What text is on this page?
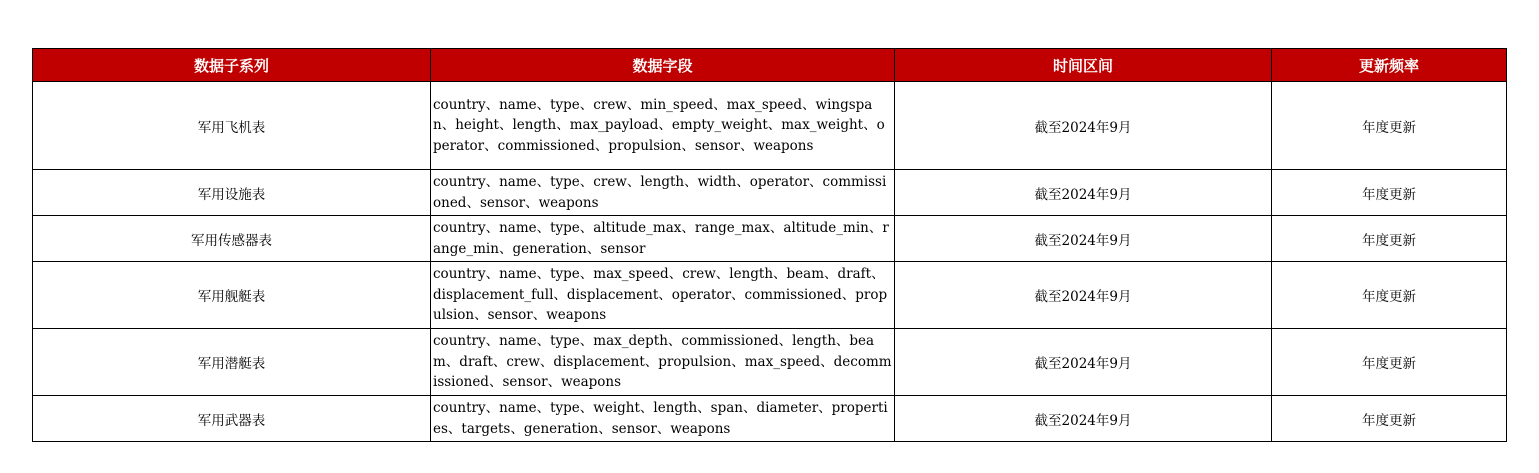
数据子系列	数据字段	时间区间	更新频率
军用飞机表	country、name、type、crew、min_speed、max_speed、wingspan、height、length、max_payload、empty_weight、max_weight、operator、commissioned、propulsion、sensor、weapons	截至2024年9月	年度更新
军用设施表	country、name、type、crew、length、width、operator、commissioned、sensor、weapons	截至2024年9月	年度更新
军用传感器表	country、name、type、altitude_max、range_max、altitude_min、range_min、generation、sensor	截至2024年9月	年度更新
军用舰艇表	country、name、type、max_speed、crew、length、beam、draft、displacement_full、displacement、operator、commissioned、propulsion、sensor、weapons	截至2024年9月	年度更新
军用潜艇表	country、name、type、max_depth、commissioned、length、beam、draft、crew、displacement、propulsion、max_speed、decommissioned、sensor、weapons	截至2024年9月	年度更新
军用武器表	country、name、type、weight、length、span、diameter、properties、targets、generation、sensor、weapons	截至2024年9月	年度更新
